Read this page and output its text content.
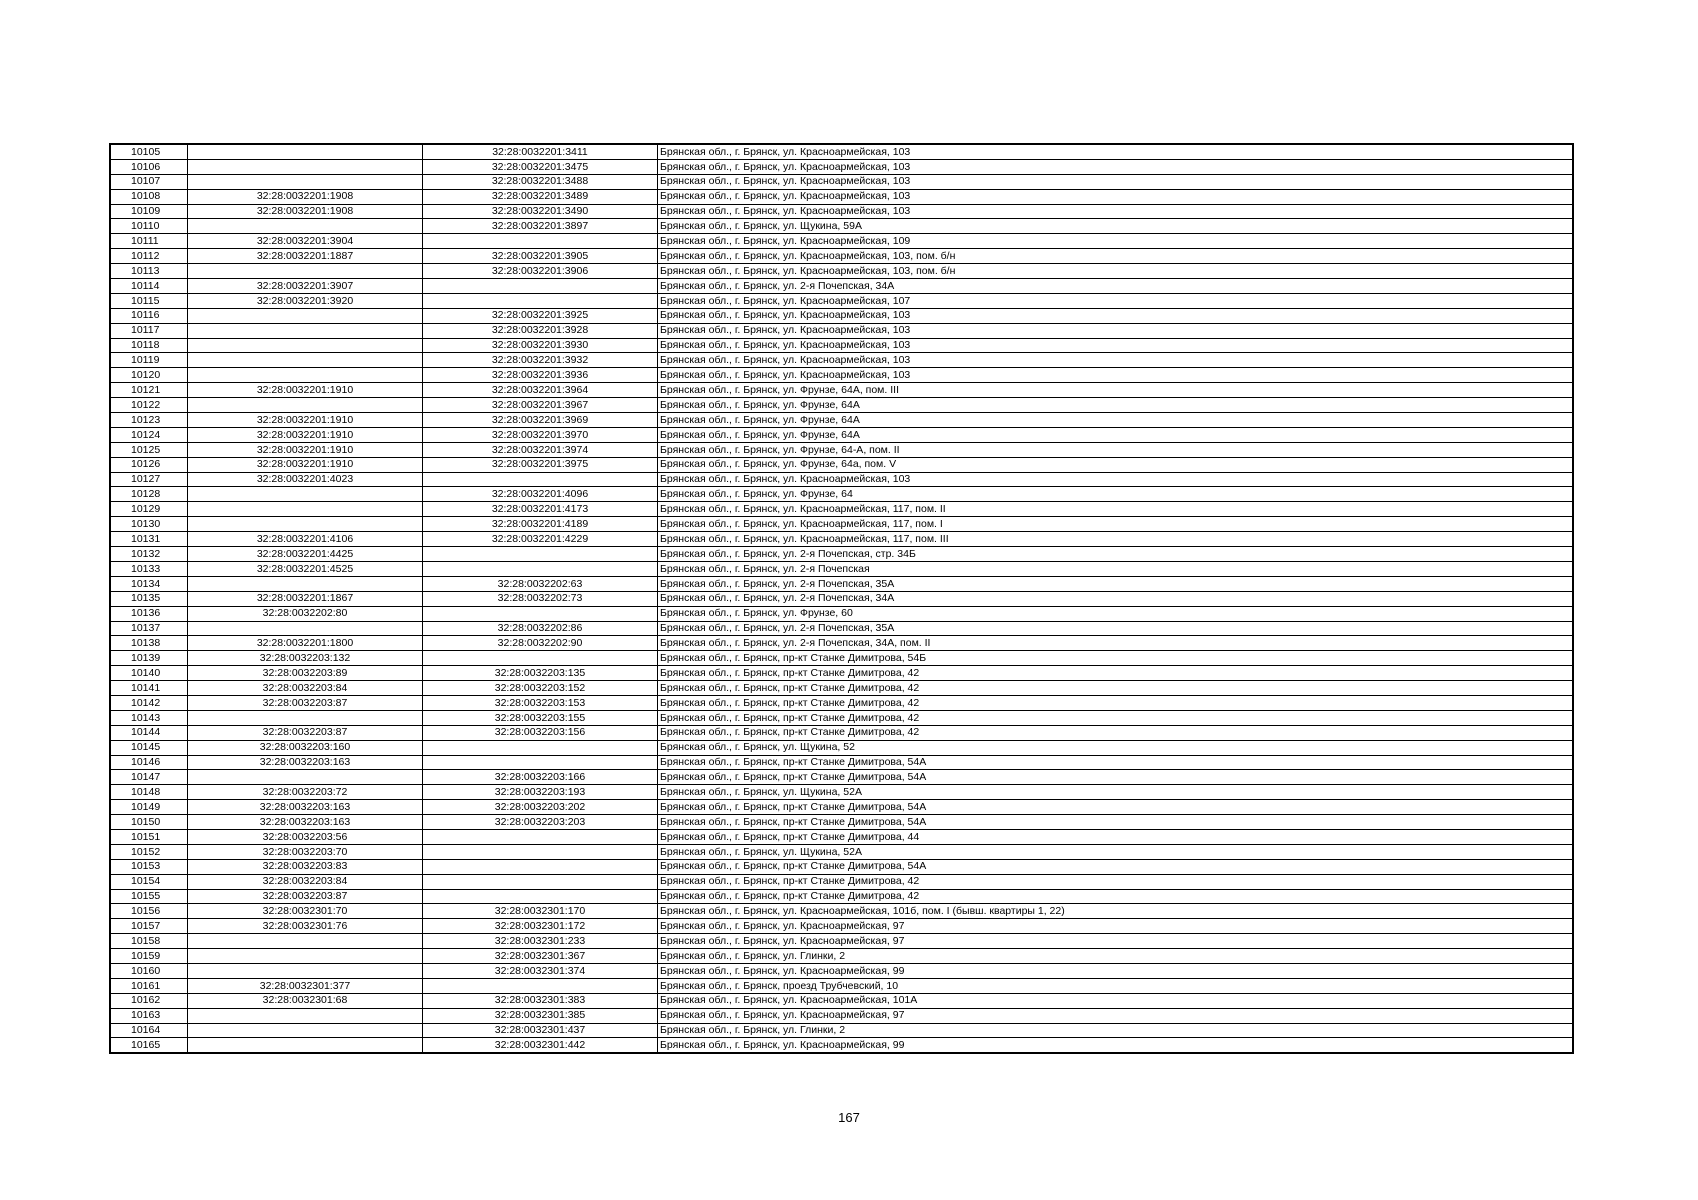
10105		32:28:0032201:3411	Брянская обл., г. Брянск, ул. Красноармейская, 103
10106		32:28:0032201:3475	Брянская обл., г. Брянск, ул. Красноармейская, 103
10107		32:28:0032201:3488	Брянская обл., г. Брянск, ул. Красноармейская, 103
10108	32:28:0032201:1908	32:28:0032201:3489	Брянская обл., г. Брянск, ул. Красноармейская, 103
10109	32:28:0032201:1908	32:28:0032201:3490	Брянская обл., г. Брянск, ул. Красноармейская, 103
10110		32:28:0032201:3897	Брянская обл., г. Брянск, ул. Щукина, 59А
10111	32:28:0032201:3904		Брянская обл., г. Брянск, ул. Красноармейская, 109
10112	32:28:0032201:1887	32:28:0032201:3905	Брянская обл., г. Брянск, ул. Красноармейская, 103, пом. б/н
10113		32:28:0032201:3906	Брянская обл., г. Брянск, ул. Красноармейская, 103, пом. б/н
10114	32:28:0032201:3907		Брянская обл., г. Брянск, ул. 2-я Почепская, 34А
10115	32:28:0032201:3920		Брянская обл., г. Брянск, ул. Красноармейская, 107
10116		32:28:0032201:3925	Брянская обл., г. Брянск, ул. Красноармейская, 103
10117		32:28:0032201:3928	Брянская обл., г. Брянск, ул. Красноармейская, 103
10118		32:28:0032201:3930	Брянская обл., г. Брянск, ул. Красноармейская, 103
10119		32:28:0032201:3932	Брянская обл., г. Брянск, ул. Красноармейская, 103
10120		32:28:0032201:3936	Брянская обл., г. Брянск, ул. Красноармейская, 103
10121	32:28:0032201:1910	32:28:0032201:3964	Брянская обл., г. Брянск, ул. Фрунзе, 64А, пом. III
10122		32:28:0032201:3967	Брянская обл., г. Брянск, ул. Фрунзе, 64А
10123	32:28:0032201:1910	32:28:0032201:3969	Брянская обл., г. Брянск, ул. Фрунзе, 64А
10124	32:28:0032201:1910	32:28:0032201:3970	Брянская обл., г. Брянск, ул. Фрунзе, 64А
10125	32:28:0032201:1910	32:28:0032201:3974	Брянская обл., г. Брянск, ул. Фрунзе, 64-А, пом. II
10126	32:28:0032201:1910	32:28:0032201:3975	Брянская обл., г. Брянск, ул. Фрунзе, 64а, пом. V
10127	32:28:0032201:4023		Брянская обл., г. Брянск, ул. Красноармейская, 103
10128		32:28:0032201:4096	Брянская обл., г. Брянск, ул. Фрунзе, 64
10129		32:28:0032201:4173	Брянская обл., г. Брянск, ул. Красноармейская, 117, пом. II
10130		32:28:0032201:4189	Брянская обл., г. Брянск, ул. Красноармейская, 117, пом. I
10131	32:28:0032201:4106	32:28:0032201:4229	Брянская обл., г. Брянск, ул. Красноармейская, 117, пом. III
10132	32:28:0032201:4425		Брянская обл., г. Брянск, ул. 2-я Почепская, стр. 34Б
10133	32:28:0032201:4525		Брянская обл., г. Брянск, ул. 2-я Почепская
10134		32:28:0032202:63	Брянская обл., г. Брянск, ул. 2-я Почепская, 35А
10135	32:28:0032201:1867	32:28:0032202:73	Брянская обл., г. Брянск, ул. 2-я Почепская, 34А
10136	32:28:0032202:80		Брянская обл., г. Брянск, ул. Фрунзе, 60
10137		32:28:0032202:86	Брянская обл., г. Брянск, ул. 2-я Почепская, 35А
10138	32:28:0032201:1800	32:28:0032202:90	Брянская обл., г. Брянск, ул. 2-я Почепская, 34А, пом. II
10139	32:28:0032203:132		Брянская обл., г. Брянск, пр-кт Станке Димитрова, 54Б
10140	32:28:0032203:89	32:28:0032203:135	Брянская обл., г. Брянск, пр-кт Станке Димитрова, 42
10141	32:28:0032203:84	32:28:0032203:152	Брянская обл., г. Брянск, пр-кт Станке Димитрова, 42
10142	32:28:0032203:87	32:28:0032203:153	Брянская обл., г. Брянск, пр-кт Станке Димитрова, 42
10143		32:28:0032203:155	Брянская обл., г. Брянск, пр-кт Станке Димитрова, 42
10144	32:28:0032203:87	32:28:0032203:156	Брянская обл., г. Брянск, пр-кт Станке Димитрова, 42
10145	32:28:0032203:160		Брянская обл., г. Брянск, ул. Щукина, 52
10146	32:28:0032203:163		Брянская обл., г. Брянск, пр-кт Станке Димитрова, 54А
10147		32:28:0032203:166	Брянская обл., г. Брянск, пр-кт Станке Димитрова, 54А
10148	32:28:0032203:72	32:28:0032203:193	Брянская обл., г. Брянск, ул. Щукина, 52А
10149	32:28:0032203:163	32:28:0032203:202	Брянская обл., г. Брянск, пр-кт Станке Димитрова, 54А
10150	32:28:0032203:163	32:28:0032203:203	Брянская обл., г. Брянск, пр-кт Станке Димитрова, 54А
10151	32:28:0032203:56		Брянская обл., г. Брянск, пр-кт Станке Димитрова, 44
10152	32:28:0032203:70		Брянская обл., г. Брянск, ул. Щукина, 52А
10153	32:28:0032203:83		Брянская обл., г. Брянск, пр-кт Станке Димитрова, 54А
10154	32:28:0032203:84		Брянская обл., г. Брянск, пр-кт Станке Димитрова, 42
10155	32:28:0032203:87		Брянская обл., г. Брянск, пр-кт Станке Димитрова, 42
10156	32:28:0032301:70	32:28:0032301:170	Брянская обл., г. Брянск, ул. Красноармейская, 101б, пом. I (бывш. квартиры 1, 22)
10157	32:28:0032301:76	32:28:0032301:172	Брянская обл., г. Брянск, ул. Красноармейская, 97
10158		32:28:0032301:233	Брянская обл., г. Брянск, ул. Красноармейская, 97
10159		32:28:0032301:367	Брянская обл., г. Брянск, ул. Глинки, 2
10160		32:28:0032301:374	Брянская обл., г. Брянск, ул. Красноармейская, 99
10161	32:28:0032301:377		Брянская обл., г. Брянск, проезд Трубчевский, 10
10162	32:28:0032301:68	32:28:0032301:383	Брянская обл., г. Брянск, ул. Красноармейская, 101А
10163		32:28:0032301:385	Брянская обл., г. Брянск, ул. Красноармейская, 97
10164		32:28:0032301:437	Брянская обл., г. Брянск, ул. Глинки, 2
10165		32:28:0032301:442	Брянская обл., г. Брянск, ул. Красноармейская, 99
167
